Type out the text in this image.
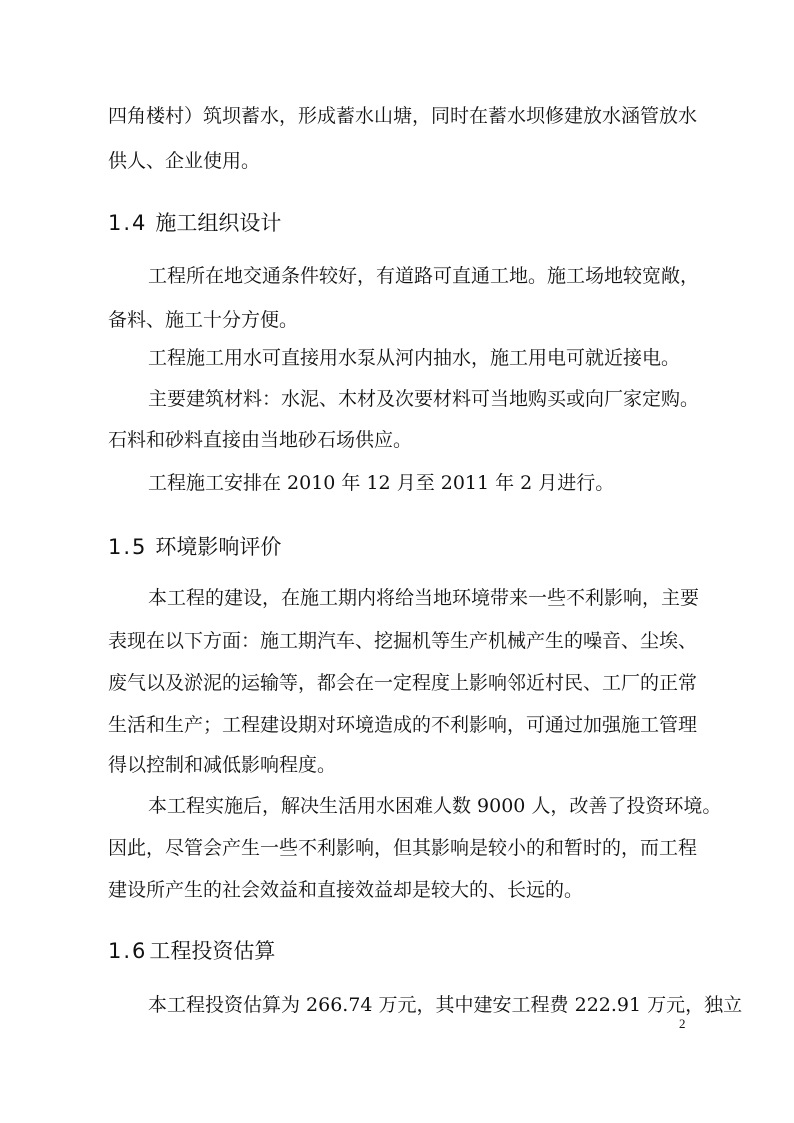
四角楼村）筑坝蓄水，形成蓄水山塘，同时在蓄水坝修建放水涵管放水
供人、企业使用。
1.4 施工组织设计
工程所在地交通条件较好，有道路可直通工地。施工场地较宽敞，
备料、施工十分方便。
工程施工用水可直接用水泵从河内抽水，施工用电可就近接电。
主要建筑材料：水泥、木材及次要材料可当地购买或向厂家定购。
石料和砂料直接由当地砂石场供应。
工程施工安排在 2010 年 12 月至 2011 年 2 月进行。
1.5 环境影响评价
本工程的建设，在施工期内将给当地环境带来一些不利影响，主要
表现在以下方面：施工期汽车、挖掘机等生产机械产生的噪音、尘埃、
废气以及淤泥的运输等，都会在一定程度上影响邻近村民、工厂的正常
生活和生产；工程建设期对环境造成的不利影响，可通过加强施工管理
得以控制和减低影响程度。
本工程实施后，解决生活用水困难人数 9000 人，改善了投资环境。
因此，尽管会产生一些不利影响，但其影响是较小的和暂时的，而工程
建设所产生的社会效益和直接效益却是较大的、长远的。
1.6工程投资估算
本工程投资估算为 266.74 万元，其中建安工程费 222.91 万元，独立
2
